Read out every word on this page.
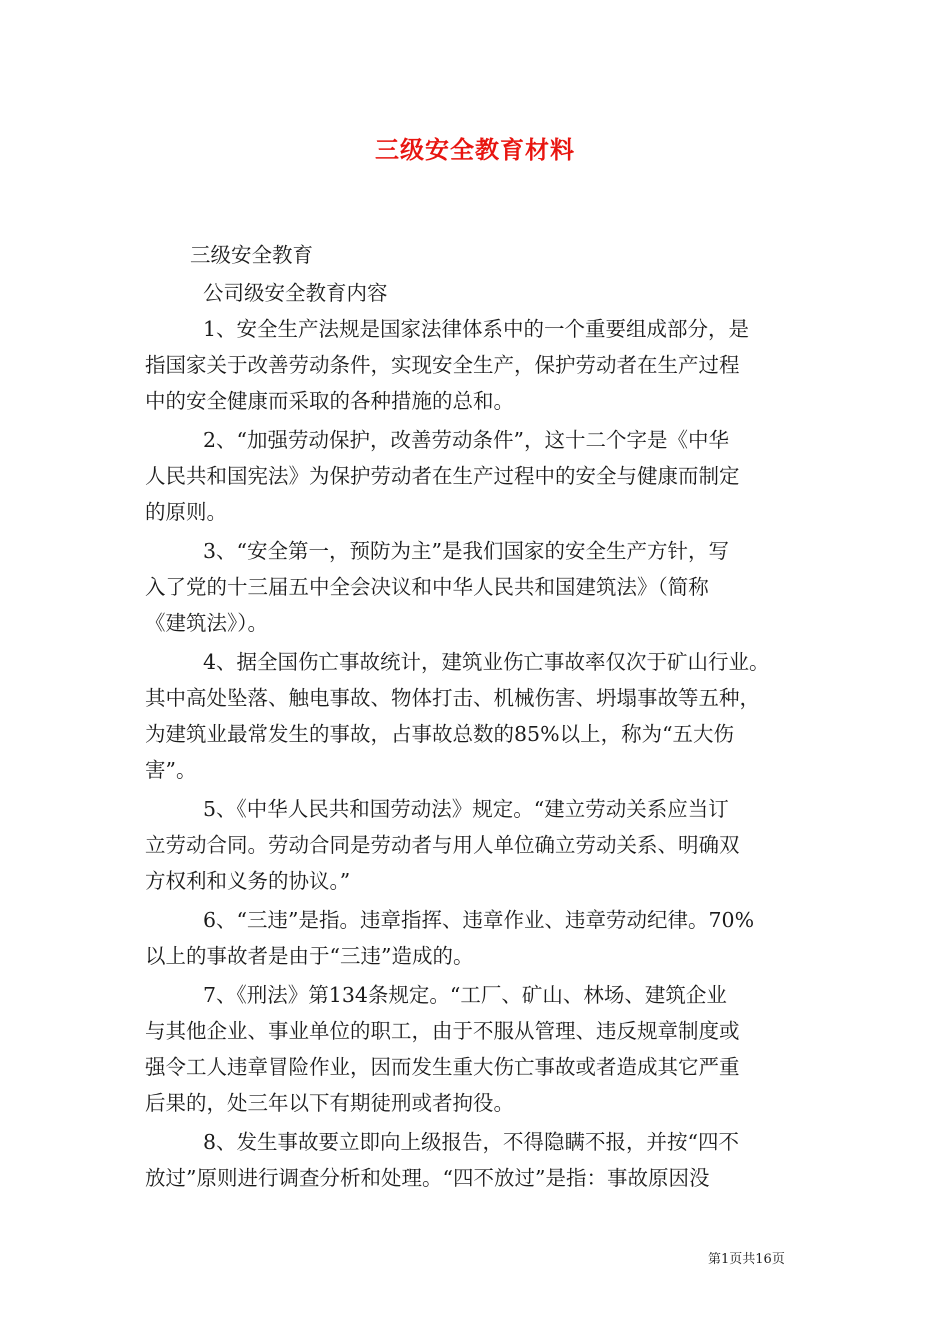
三级安全教育材料
三级安全教育
公司级安全教育内容
1、安全生产法规是国家法律体系中的一个重要组成部分，是
指国家关于改善劳动条件，实现安全生产，保护劳动者在生产过程
中的安全健康而采取的各种措施的总和。
2、“加强劳动保护，改善劳动条件”，这十二个字是《中华
人民共和国宪法》为保护劳动者在生产过程中的安全与健康而制定
的原则。
3、“安全第一，预防为主”是我们国家的安全生产方针，写
入了党的十三届五中全会决议和中华人民共和国建筑法》（简称
《建筑法》）。
4、据全国伤亡事故统计，建筑业伤亡事故率仅次于矿山行业。
其中高处坠落、触电事故、物体打击、机械伤害、坍塌事故等五种，
为建筑业最常发生的事故，占事故总数的85%以上，称为“五大伤
害”。
5、《中华人民共和国劳动法》规定。“建立劳动关系应当订
立劳动合同。劳动合同是劳动者与用人单位确立劳动关系、明确双
方权利和义务的协议。”
6、“三违”是指。违章指挥、违章作业、违章劳动纪律。70%
以上的事故者是由于“三违”造成的。
7、《刑法》第134条规定。“工厂、矿山、林场、建筑企业
与其他企业、事业单位的职工，由于不服从管理、违反规章制度或
强令工人违章冒险作业，因而发生重大伤亡事故或者造成其它严重
后果的，处三年以下有期徒刑或者拘役。
8、发生事故要立即向上级报告，不得隐瞒不报，并按“四不
放过”原则进行调查分析和处理。“四不放过”是指：事故原因没
第1页共16页
